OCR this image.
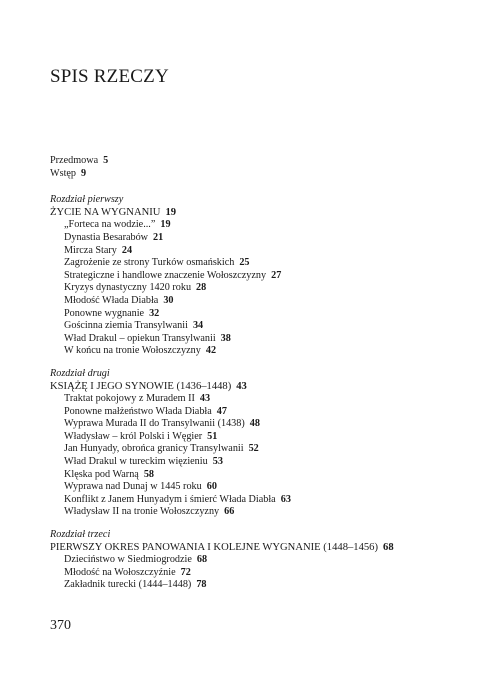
SPIS RZECZY
Przedmowa 5
Wstęp 9
Rozdział pierwszy
ŻYCIE NA WYGNANIU 19
„Forteca na wodzie...” 19
Dynastia Besarabów 21
Mircza Stary 24
Zagrożenie ze strony Turków osmańskich 25
Strategiczne i handlowe znaczenie Wołoszczyzny 27
Kryzys dynastyczny 1420 roku 28
Młodość Włada Diabła 30
Ponowne wygnanie 32
Gościnna ziemia Transylwanii 34
Wład Drakul – opiekun Transylwanii 38
W końcu na tronie Wołoszczyzny 42
Rozdział drugi
KSIĄŻĘ I JEGO SYNOWIE (1436–1448) 43
Traktat pokojowy z Muradem II 43
Ponowne małżeństwo Włada Diabła 47
Wyprawa Murada II do Transylwanii (1438) 48
Władysław – król Polski i Węgier 51
Jan Hunyady, obrońca granicy Transylwanii 52
Wład Drakul w tureckim więzieniu 53
Klęska pod Warną 58
Wyprawa nad Dunaj w 1445 roku 60
Konflikt z Janem Hunyadym i śmierć Włada Diabła 63
Władysław II na tronie Wołoszczyzny 66
Rozdział trzeci
PIERWSZY OKRES PANOWANIA I KOLEJNE WYGNANIE (1448–1456) 68
Dzieciństwo w Siedmiogrodzie 68
Młodość na Wołoszczyźnie 72
Zakładnik turecki (1444–1448) 78
370
